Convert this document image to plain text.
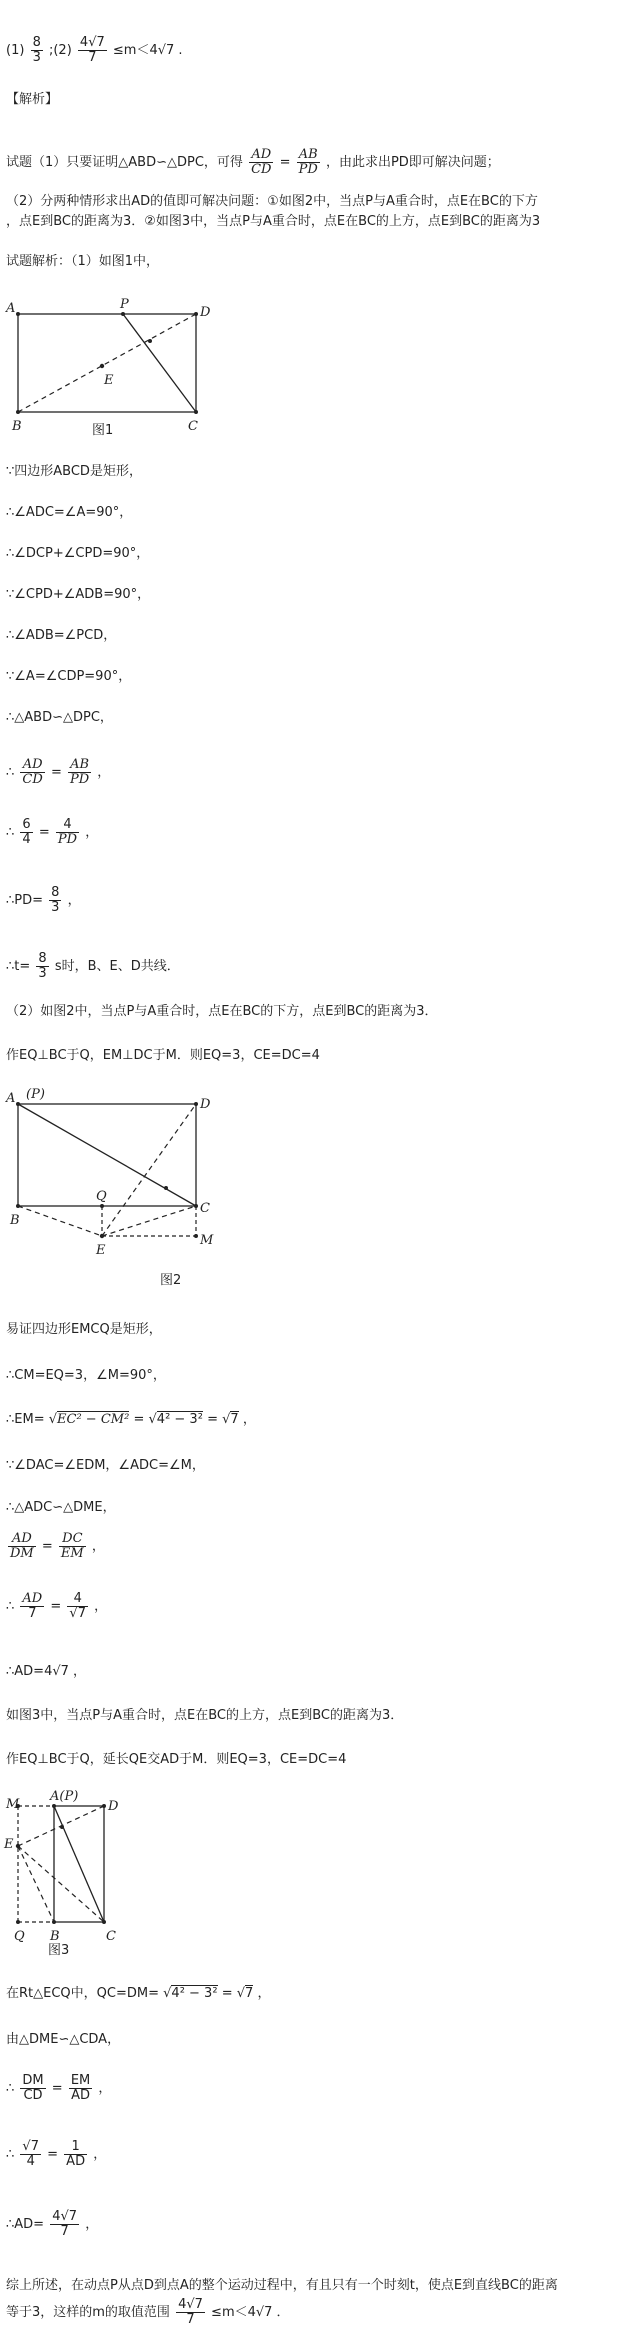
$(1) \frac{8}{3}$ ;(2) $\frac{4√7}{7} \le m<4√7$ .
【解析】
试题（1）只要证明△ABD∽△DPC，可得 $\frac{AD}{CD} = \frac{AB}{PD}$ ，由此求出PD即可解决问题；
（2）分两种情形求出AD的值即可解决问题：①如图2中，当点P与A重合时，点E在BC的下方
，点E到BC的距离为3．②如图3中，当点P与A重合时，点E在BC的上方，点E到BC的距离为3
试题解析：（1）如图1中，
A	P
D
E
B	C
图1
∵四边形ABCD是矩形，
∴∠ADC=∠A=90°，
∴∠DCP+∠CPD=90°，
∵∠CPD+∠ADB=90°，
∴∠ADB=∠PCD，
∵∠A=∠CDP=90°，
∴△ABD∽△DPC，
∴ $\frac{AD}{CD} = \frac{AB}{PD}$ ，
∴ $\frac{6}{4} = \frac{4}{PD}$ ，
∴PD= $\frac{8}{3}$ ，
∴t= $\frac{8}{3}$ s时，B、E、D共线．
（2）如图2中，当点P与A重合时，点E在BC的下方，点E到BC的距离为3．
作EQ⊥BC于Q，EM⊥DC于M．则EQ=3，CE=DC=4
A (P)
D
Q
C
B
E
M
图2
易证四边形EMCQ是矩形，
∴CM=EQ=3，∠M=90°，
∴EM= √EC² − CM² = √4² − 3² = √7 ，
∵∠DAC=∠EDM，∠ADC=∠M，
∴△ADC∽△DME，
$\frac{AD}{DM} = \frac{DC}{EM}$ ，
∴ $\frac{AD}{7} = \frac{4}{√7}$ ，
∴AD=4√7 ，
如图3中，当点P与A重合时，点E在BC的上方，点E到BC的距离为3．
作EQ⊥BC于Q，延长QE交AD于M．则EQ=3，CE=DC=4
M
A(P)
D
E
Q B	C
图3
在Rt△ECQ中，QC=DM= √4² − 3² = √7 ，
由△DME∽△CDA，
∴ $\frac{DM}{CD} = \frac{EM}{AD}$ ，
∴ $\frac{√7}{4} = \frac{1}{AD}$ ，
∴AD= $\frac{4√7}{7}$ ，
综上所述，在动点P从点D到点A的整个运动过程中，有且只有一个时刻t，使点E到直线BC的距离
等于3，这样的m的取值范围 $\frac{4√7}{7} \le m<4√7$ ．
